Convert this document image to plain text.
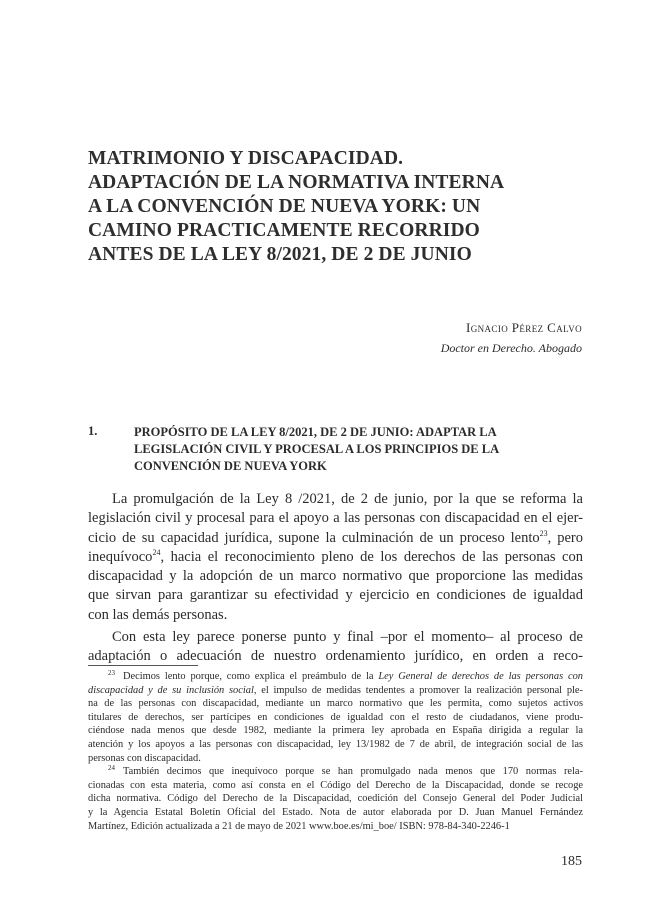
MATRIMONIO Y DISCAPACIDAD.
ADAPTACIÓN DE LA NORMATIVA INTERNA
A LA CONVENCIÓN DE NUEVA YORK: UN
CAMINO PRACTICAMENTE RECORRIDO
ANTES DE LA LEY 8/2021, DE 2 DE JUNIO
Ignacio Pérez Calvo
Doctor en Derecho. Abogado
1.	PROPÓSITO DE LA LEY 8/2021, DE 2 DE JUNIO: ADAPTAR LA
LEGISLACIÓN CIVIL Y PROCESAL A LOS PRINCIPIOS DE LA
CONVENCIÓN DE NUEVA YORK
La promulgación de la Ley 8 /2021, de 2 de junio, por la que se reforma la
legislación civil y procesal para el apoyo a las personas con discapacidad en el ejer-
cicio de su capacidad jurídica, supone la culminación de un proceso lento$^{23}$, pero
inequívoco$^{24}$, hacia el reconocimiento pleno de los derechos de las personas con
discapacidad y la adopción de un marco normativo que proporcione las medidas
que sirvan para garantizar su efectividad y ejercicio en condiciones de igualdad
con las demás personas.
Con esta ley parece ponerse punto y final –por el momento– al proceso de
adaptación o adecuación de nuestro ordenamiento jurídico, en orden a reco-
$^{23}$ Decimos lento porque, como explica el preámbulo de la Ley General de derechos de las personas con
discapacidad y de su inclusión social, el impulso de medidas tendentes a promover la realización personal ple-
na de las personas con discapacidad, mediante un marco normativo que les permita, como sujetos activos
titulares de derechos, ser partícipes en condiciones de igualdad con el resto de ciudadanos, viene produ-
ciéndose nada menos que desde 1982, mediante la primera ley aprobada en España dirigida a regular la
atención y los apoyos a las personas con discapacidad, ley 13/1982 de 7 de abril, de integración social de las
personas con discapacidad.
$^{24}$ También decimos que inequívoco porque se han promulgado nada menos que 170 normas rela-
cionadas con esta materia, como así consta en el Código del Derecho de la Discapacidad, donde se recoge
dicha normativa. Código del Derecho de la Discapacidad, coedición del Consejo General del Poder Judicial
y la Agencia Estatal Boletín Oficial del Estado. Nota de autor elaborada por D. Juan Manuel Fernández
Martínez, Edición actualizada a 21 de mayo de 2021 www.boe.es/mi_boe/ ISBN: 978-84-340-2246-1
185
